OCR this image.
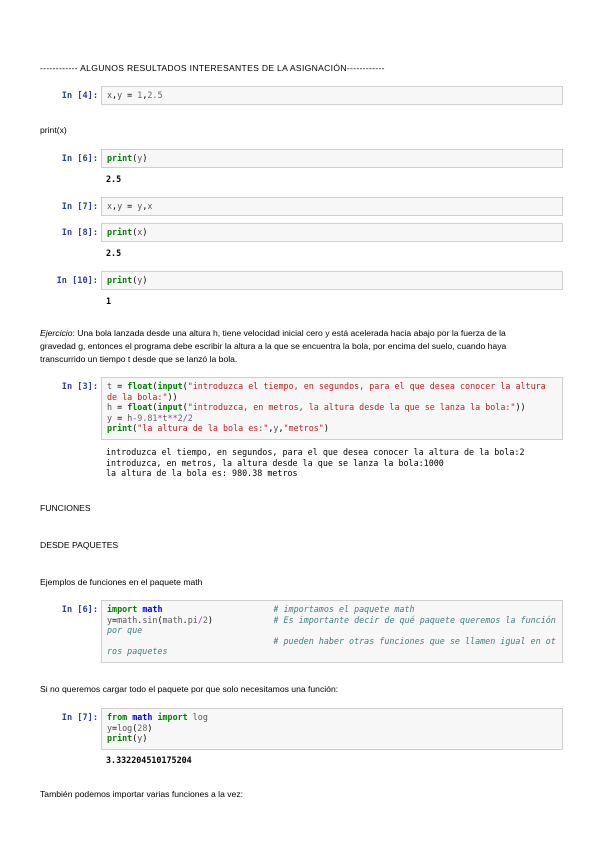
------------ ALGUNOS RESULTADOS INTERESANTES DE LA ASIGNACIÓN------------
In [4]:	x,y = 1,2.5
print(x)
In [6]:	print(y)
2.5
In [7]:	x,y = y,x
In [8]:	print(x)
2.5
In [10]:	print(y)
1
Ejercicio: Una bola lanzada desde una altura h, tiene velocidad inicial cero y está acelerada hacia abajo por la fuerza de la
gravedad g, entonces el programa debe escribir la altura a la que se encuentra la bola, por encima del suelo, cuando haya
transcurrido un tiempo t desde que se lanzó la bola.
In [3]:	t = float(input("introduzca el tiempo, en segundos, para el que desea conocer la altura
de la bola:"))
h = float(input("introduzca, en metros, la altura desde la que se lanza la bola:"))
y = h-9.81*t**2/2
print("la altura de la bola es:",y,"metros")
introduzca el tiempo, en segundos, para el que desea conocer la altura de la bola:2
introduzca, en metros, la altura desde la que se lanza la bola:1000
la altura de la bola es: 980.38 metros
FUNCIONES
DESDE PAQUETES
Ejemplos de funciones en el paquete math
In [6]:	import math	# importamos el paquete math
y=math.sin(math.pi/2)            # Es importante decir de qué paquete queremos la función
por que
# pueden haber otras funciones que se llamen igual en ot
ros paquetes
Si no queremos cargar todo el paquete por que solo necesitamos una función:
In [7]:	from math import log
y=log(28)
print(y)
3.332204510175204
También podemos importar varias funciones a la vez:
